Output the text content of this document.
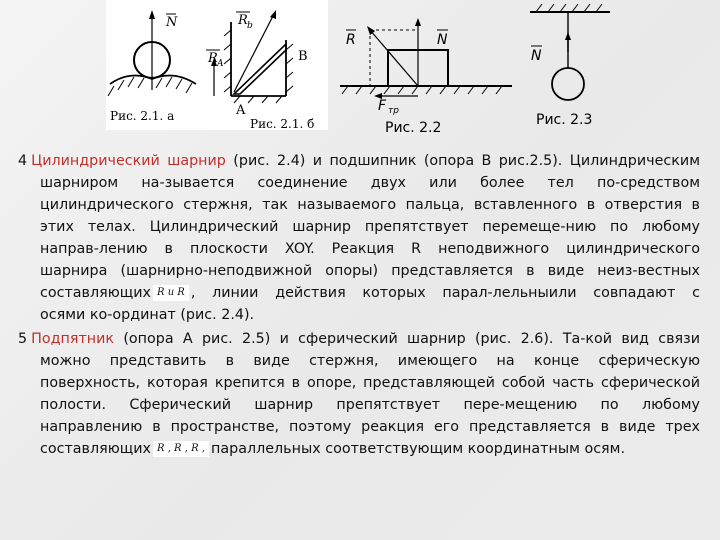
N
Рис. 2.1. а
R b
R A	B
A
Рис. 2.1. б
R	N
F тр
Рис. 2.2
N
Рис. 2.3
4 Цилиндрический шарнир (рис. 2.4) и подшипник (опора В рис.2.5). Цилиндрическим
шарниром на-зывается соединение двух или более тел по-средством
цилиндрического стержня, так называемого пальца, вставленного в отверстия в
этих телах. Цилиндрический шарнир препятствует перемеще-нию по любому
направ-лению в плоскости XOY. Реакция R неподвижного цилиндрического
шарнира (шарнирно-неподвижной опоры) представляется в виде неиз-вестных
составляющих R и R , линии действия которых парал-лельныили совпадают с
осями ко-ординат (рис. 2.4).
5 Подпятник (опора А рис. 2.5) и сферический шарнир (рис. 2.6). Та-кой вид связи
можно представить в виде стержня, имеющего на конце сферическую
поверхность, которая крепится в опоре, представляющей собой часть сферической
полости. Сферический шарнир препятствует пере-мещению по любому
направлению в пространстве, поэтому реакция его представляется в виде трех
составляющих R , R , R , параллельных соответствующим координатным осям.
